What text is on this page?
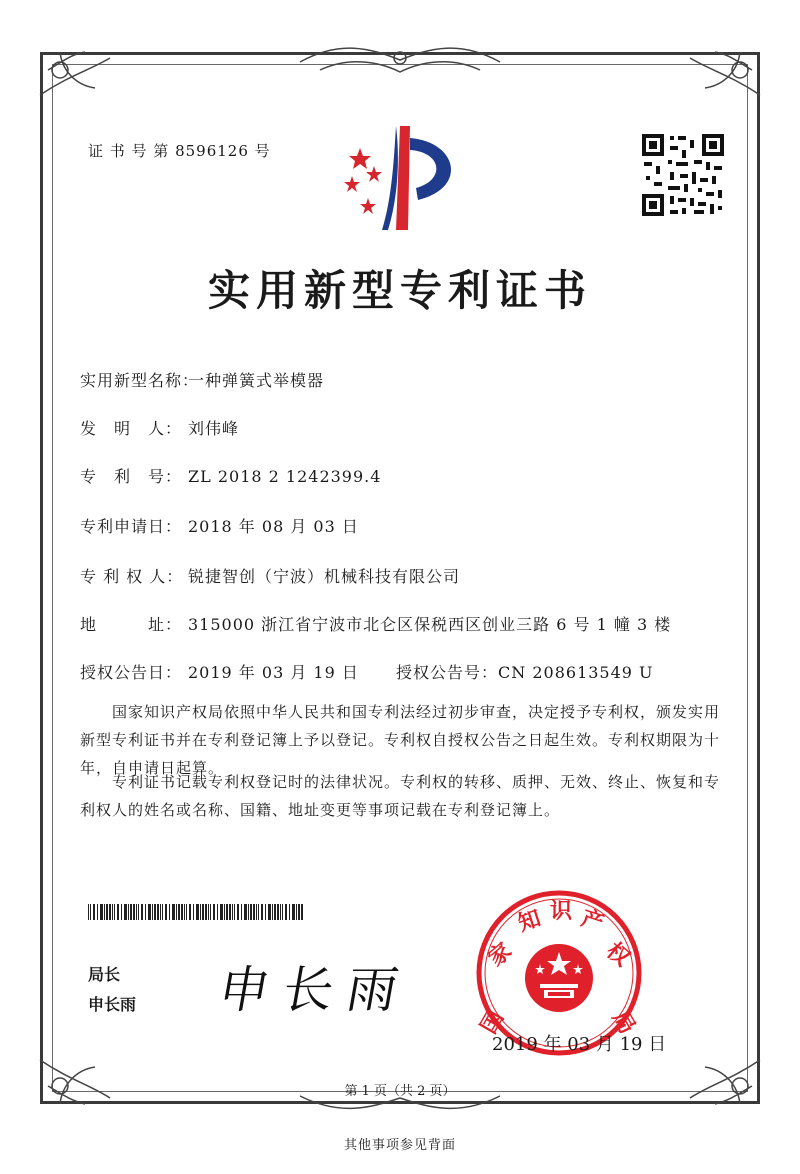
证 书 号 第 8596126 号
实用新型专利证书
实用新型名称：一种弹簧式举模器
发　明　人： 刘伟峰
专　利　号： ZL 2018 2 1242399.4
专利申请日： 2018 年 08 月 03 日
专 利 权 人： 锐捷智创（宁波）机械科技有限公司
地　　　址： 315000 浙江省宁波市北仑区保税西区创业三路 6 号 1 幢 3 楼
授权公告日： 2019 年 03 月 19 日 授权公告号：CN 208613549 U
国家知识产权局依照中华人民共和国专利法经过初步审查，决定授予专利权，颁发实用新型专利证书并在专利登记簿上予以登记。专利权自授权公告之日起生效。专利权期限为十年，自申请日起算。
专利证书记载专利权登记时的法律状况。专利权的转移、质押、无效、终止、恢复和专利权人的姓名或名称、国籍、地址变更等事项记载在专利登记簿上。
局长
申长雨 申长雨
国
家
知 识 产
权
局
2019 年 03 月 19 日
第 1 页（共 2 页）
其他事项参见背面
